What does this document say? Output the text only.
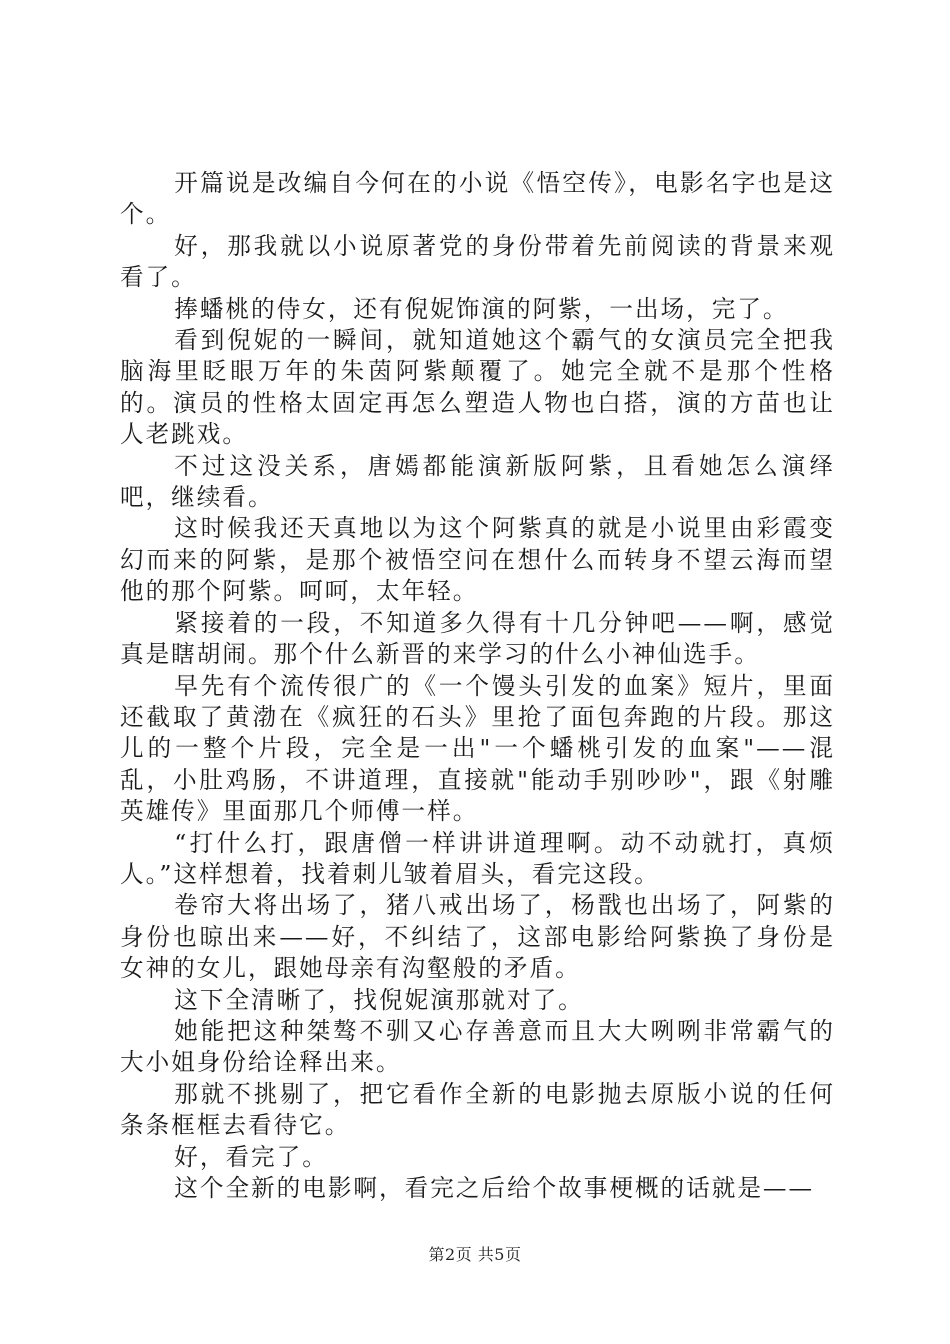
开篇说是改编自今何在的小说《悟空传》，电影名字也是这个。

好，那我就以小说原著党的身份带着先前阅读的背景来观看了。

捧蟠桃的侍女，还有倪妮饰演的阿紫，一出场，完了。

看到倪妮的一瞬间，就知道她这个霸气的女演员完全把我脑海里眨眼万年的朱茵阿紫颠覆了。她完全就不是那个性格的。演员的性格太固定再怎么塑造人物也白搭，演的方苗也让人老跳戏。

不过这没关系，唐嫣都能演新版阿紫，且看她怎么演绎吧，继续看。

这时候我还天真地以为这个阿紫真的就是小说里由彩霞变幻而来的阿紫，是那个被悟空问在想什么而转身不望云海而望他的那个阿紫。呵呵，太年轻。

紧接着的一段，不知道多久得有十几分钟吧——啊，感觉真是瞎胡闹。那个什么新晋的来学习的什么小神仙选手。

早先有个流传很广的《一个馒头引发的血案》短片，里面还截取了黄渤在《疯狂的石头》里抢了面包奔跑的片段。那这儿的一整个片段，完全是一出"一个蟠桃引发的血案"——混乱，小肚鸡肠，不讲道理，直接就"能动手别吵吵"，跟《射雕英雄传》里面那几个师傅一样。

“打什么打，跟唐僧一样讲讲道理啊。动不动就打，真烦人。”这样想着，找着刺儿皱着眉头，看完这段。

卷帘大将出场了，猪八戒出场了，杨戬也出场了，阿紫的身份也晾出来——好，不纠结了，这部电影给阿紫换了身份是女神的女儿，跟她母亲有沟壑般的矛盾。

这下全清晰了，找倪妮演那就对了。

她能把这种桀骜不驯又心存善意而且大大咧咧非常霸气的大小姐身份给诠释出来。

那就不挑剔了，把它看作全新的电影抛去原版小说的任何条条框框去看待它。

好，看完了。

这个全新的电影啊，看完之后给个故事梗概的话就是——

第2页 共5页
